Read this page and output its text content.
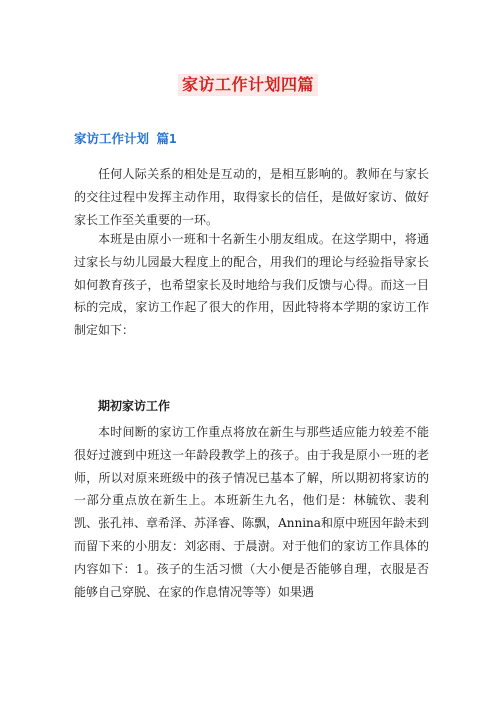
家访工作计划四篇
家访工作计划 篇1

任何人际关系的相处是互动的，是相互影响的。教师在与家长的交往过程中发挥主动作用，取得家长的信任，是做好家访、做好家长工作至关重要的一环。

本班是由原小一班和十名新生小朋友组成。在这学期中，将通过家长与幼儿园最大程度上的配合，用我们的理论与经验指导家长如何教育孩子，也希望家长及时地给与我们反馈与心得。而这一目标的完成，家访工作起了很大的作用，因此特将本学期的家访工作制定如下：

期初家访工作

本时间断的家访工作重点将放在新生与那些适应能力较差不能很好过渡到中班这一年龄段教学上的孩子。由于我是原小一班的老师，所以对原来班级中的孩子情况已基本了解，所以期初将家访的一部分重点放在新生上。本班新生九名，他们是：林毓钦、裴利凯、张孔祎、章希泽、苏泽睿、陈飘，Annina和原中班因年龄未到而留下来的小朋友：刘宓雨、于晨澍。对于他们的家访工作具体的内容如下：1。孩子的生活习惯（大小便是否能够自理，衣服是否能够自己穿脱、在家的作息情况等等）如果遇
